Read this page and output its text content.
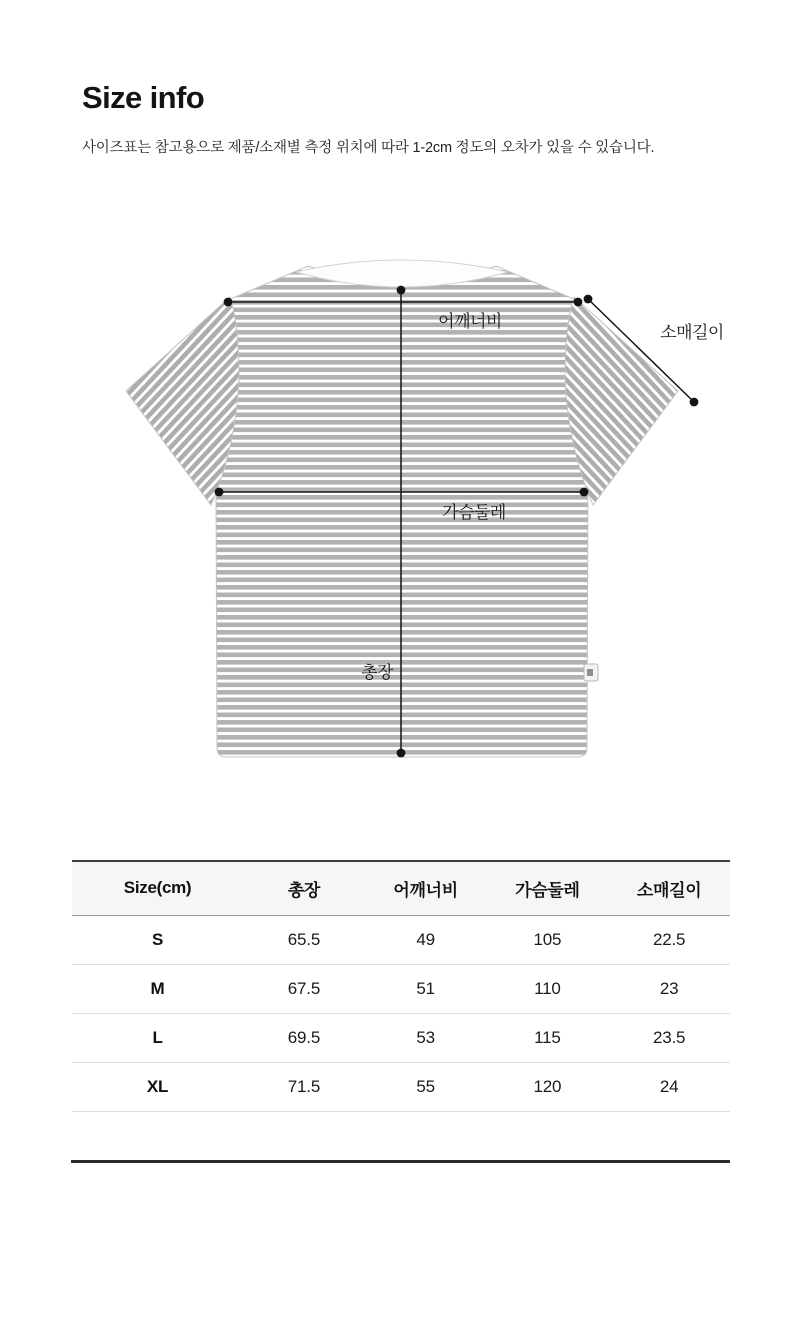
Size info
사이즈표는 참고용으로 제품/소재별 측정 위치에 따라 1-2cm 정도의 오차가 있을 수 있습니다.
어깨너비
총장
가슴둘레
소매길이
Size(cm)	총장	어깨너비	가슴둘레	소매길이
S	65.5	49	105	22.5
M	67.5	51	110	23
L	69.5	53	115	23.5
XL	71.5	55	120	24
